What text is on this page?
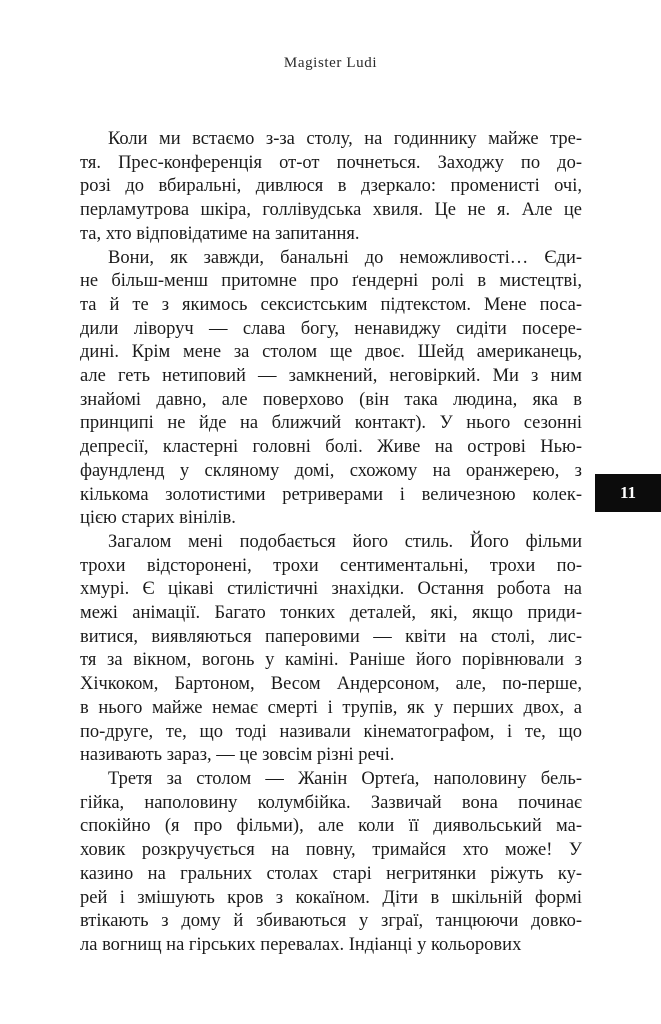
Magister Ludi
Коли ми встаємо з-за столу, на годиннику майже тре-
тя. Прес-конференція от-от почнеться. Заходжу по до-
розі до вбиральні, дивлюся в дзеркало: променисті очі,
перламутрова шкіра, голлівудська хвиля. Це не я. Але це
та, хто відповідатиме на запитання.
Вони, як завжди, банальні до неможливості… Єди-
не більш-менш притомне про ґендерні ролі в мистецтві,
та й те з якимось сексистським підтекстом. Мене поса-
дили ліворуч — слава богу, ненавиджу сидіти посере-
дині. Крім мене за столом ще двоє. Шейд американець,
але геть нетиповий — замкнений, неговіркий. Ми з ним
знайомі давно, але поверхово (він така людина, яка в
принципі не йде на ближчий контакт). У нього сезонні
депресії, кластерні головні болі. Живе на острові Нью-
фаундленд у скляному домі, схожому на оранжерею, з
кількома золотистими ретриверами і величезною колек-
цією старих вінілів.
Загалом мені подобається його стиль. Його фільми
трохи відсторонені, трохи сентиментальні, трохи по-
хмурі. Є цікаві стилістичні знахідки. Остання робота на
межі анімації. Багато тонких деталей, які, якщо приди-
витися, виявляються паперовими — квіти на столі, лис-
тя за вікном, вогонь у каміні. Раніше його порівнювали з
Хічкоком, Бартоном, Весом Андерсоном, але, по-перше,
в нього майже немає смерті і трупів, як у перших двох, а
по-друге, те, що тоді називали кінематографом, і те, що
називають зараз, — це зовсім різні речі.
Третя за столом — Жанін Ортеґа, наполовину бель-
гійка, наполовину колумбійка. Зазвичай вона починає
спокійно (я про фільми), але коли її диявольський ма-
ховик розкручується на повну, тримайся хто може! У
казино на гральних столах старі негритянки ріжуть ку-
рей і змішують кров з кокаїном. Діти в шкільній формі
втікають з дому й збиваються у зграї, танцюючи довко-
ла вогнищ на гірських перевалах. Індіанці у кольорових
11
